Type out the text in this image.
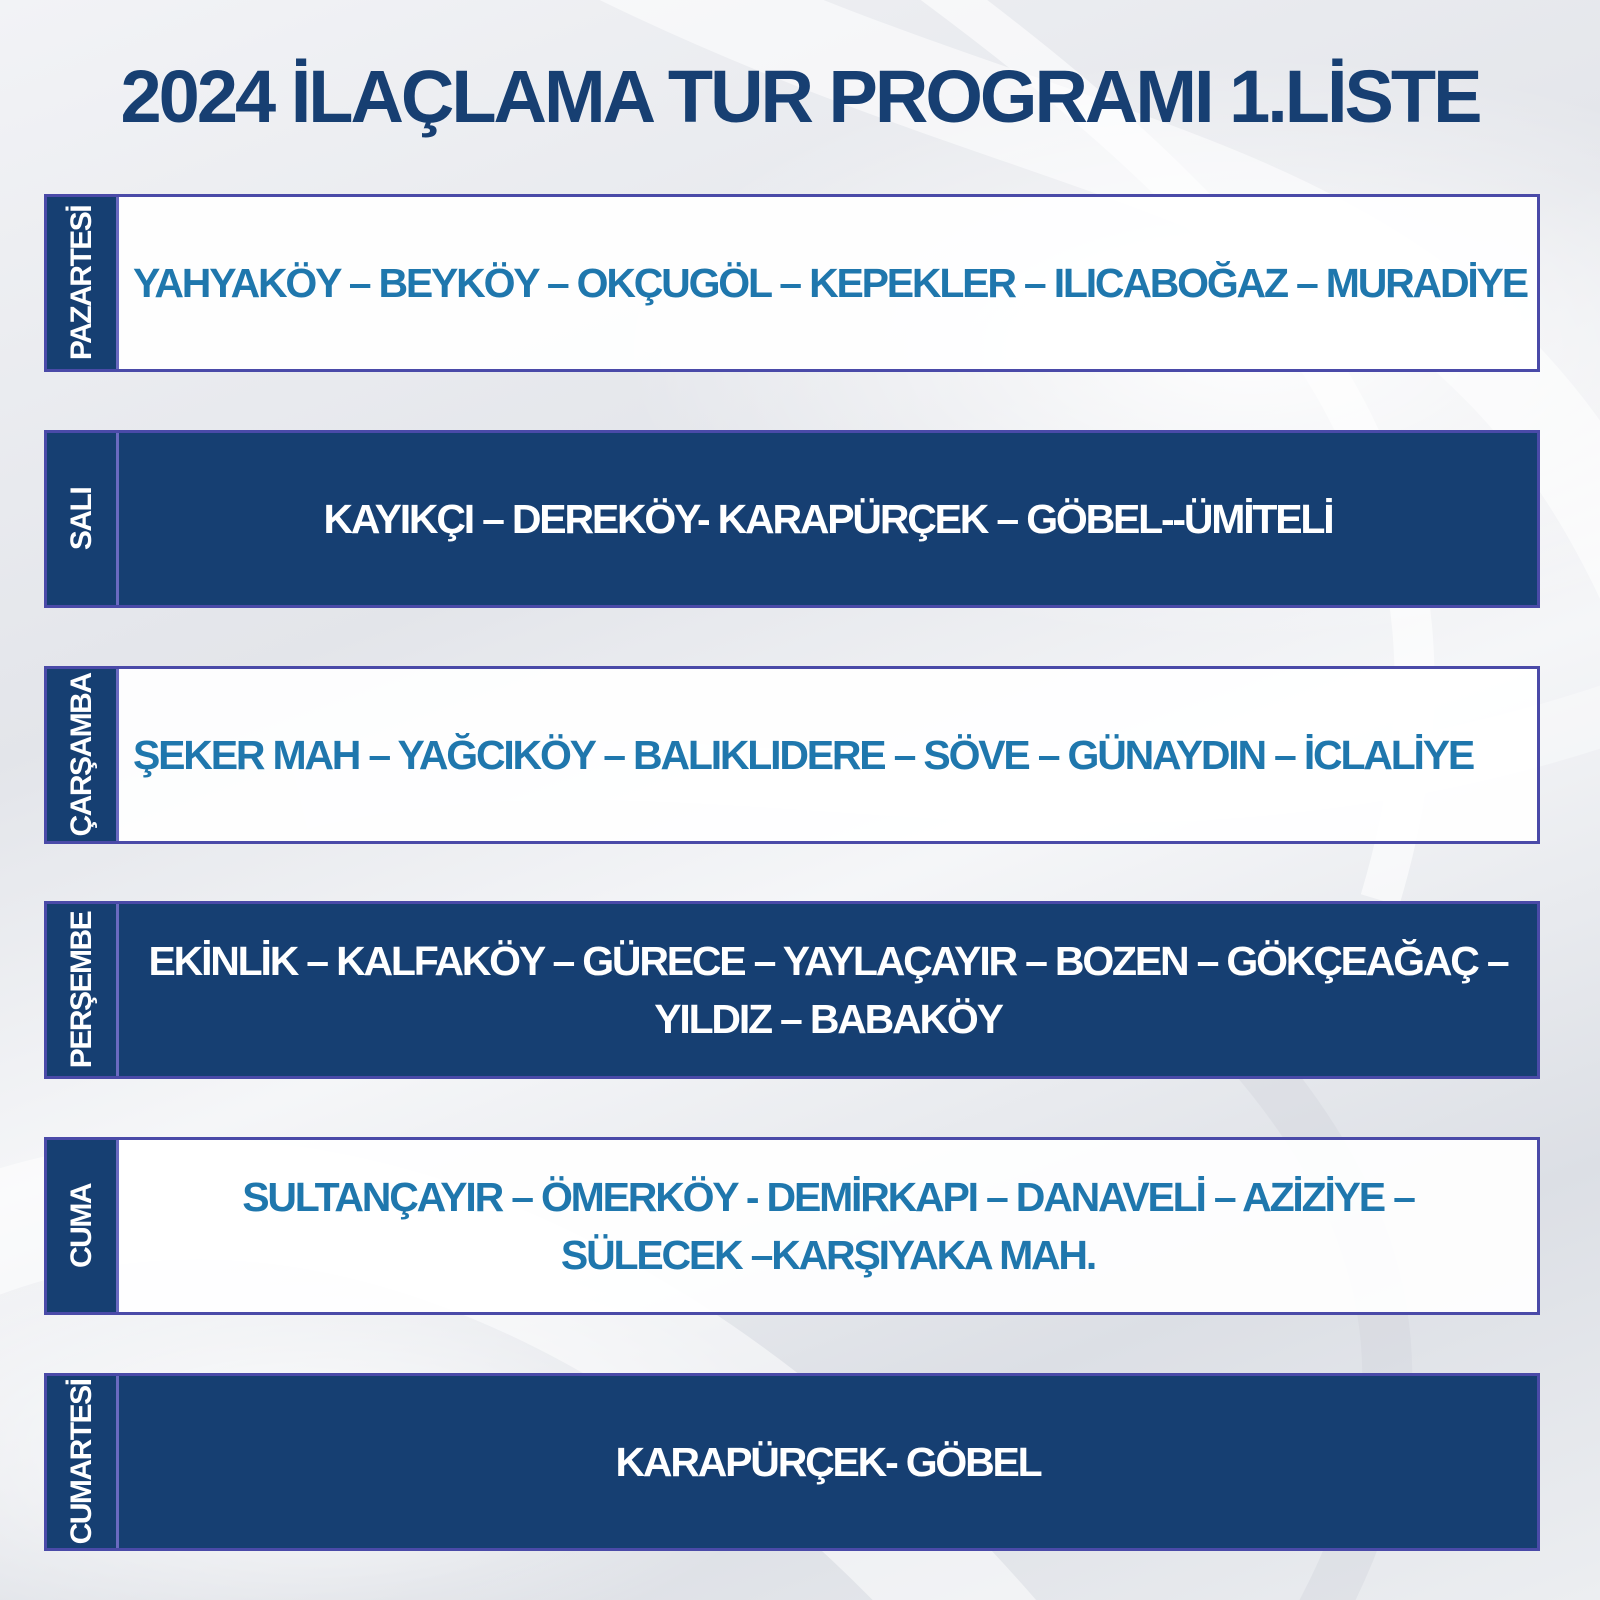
2024 İLAÇLAMA TUR PROGRAMI 1.LİSTE
PAZARTESİ YAHYAKÖY – BEYKÖY – OKÇUGÖL – KEPEKLER – ILICABOĞAZ – MURADİYE
SALI	KAYIKÇI – DEREKÖY- KARAPÜRÇEK – GÖBEL--ÜMİTELİ
ÇARŞAMBA ŞEKER MAH – YAĞCIKÖY – BALIKLIDERE – SÖVE – GÜNAYDIN – İCLALİYE
PERŞEMBE	EKİNLİK – KALFAKÖY – GÜRECE – YAYLAÇAYIR – BOZEN – GÖKÇEAĞAÇ –
YILDIZ – BABAKÖY
CUMA	SULTANÇAYIR – ÖMERKÖY - DEMİRKAPI – DANAVELİ – AZİZİYE –
SÜLECEK –KARŞIYAKA MAH.
CUMARTESİ	KARAPÜRÇEK- GÖBEL
